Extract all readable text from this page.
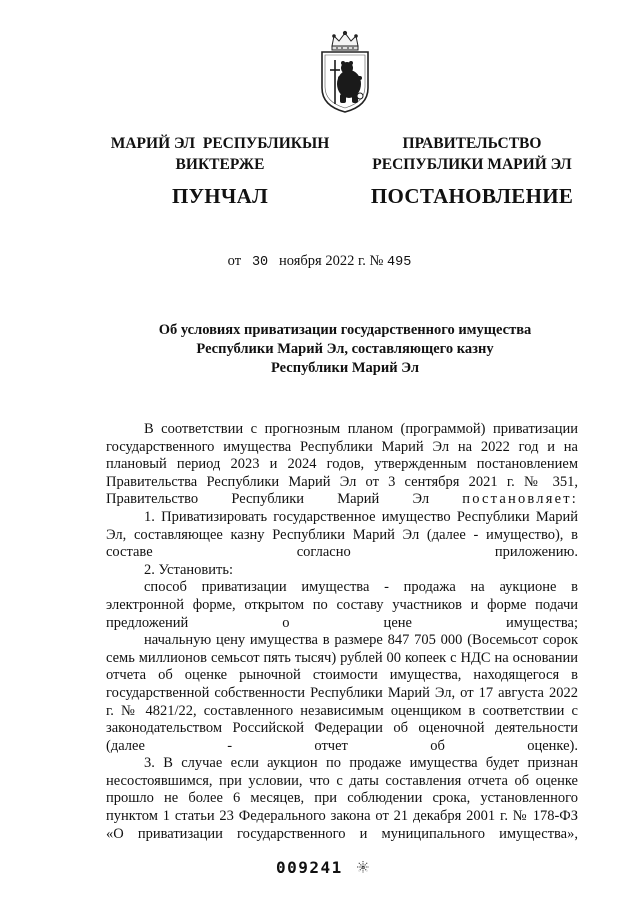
МАРИЙ ЭЛ  РЕСПУБЛИКЫН
ВИКТЕРЖЕ
ПУНЧАЛ
ПРАВИТЕЛЬСТВО
РЕСПУБЛИКИ МАРИЙ ЭЛ
ПОСТАНОВЛЕНИЕ
от 30 ноября 2022 г. № 495
Об условиях приватизации государственного имущества
Республики Марий Эл, составляющего казну
Республики Марий Эл

В соответствии с прогнозным планом (программой) приватизации государственного имущества Республики Марий Эл на 2022 год и на плановый период 2023 и 2024 годов, утвержденным постановлением Правительства Республики Марий Эл от 3 сентября 2021 г. № 351, Правительство Республики Марий Эл постановляет:

1. Приватизировать государственное имущество Республики Марий Эл, составляющее казну Республики Марий Эл (далее - имущество), в составе согласно приложению.

2. Установить:

способ приватизации имущества - продажа на аукционе в электронной форме, открытом по составу участников и форме подачи предложений о цене имущества;

начальную цену имущества в размере 847 705 000 (Восемьсот сорок семь миллионов семьсот пять тысяч) рублей 00 копеек с НДС на основании отчета об оценке рыночной стоимости имущества, находящегося в государственной собственности Республики Марий Эл, от 17 августа 2022 г. № 4821/22, составленного независимым оценщиком в соответствии с законодательством Российской Федерации об оценочной деятельности (далее - отчет об оценке).

3. В случае если аукцион по продаже имущества будет признан несостоявшимся, при условии, что с даты составления отчета об оценке прошло не более 6 месяцев, при соблюдении срока, установленного пунктом 1 статьи 23 Федерального закона от 21 декабря 2001 г. № 178-ФЗ «О приватизации государственного и муниципального имущества»,

009241
